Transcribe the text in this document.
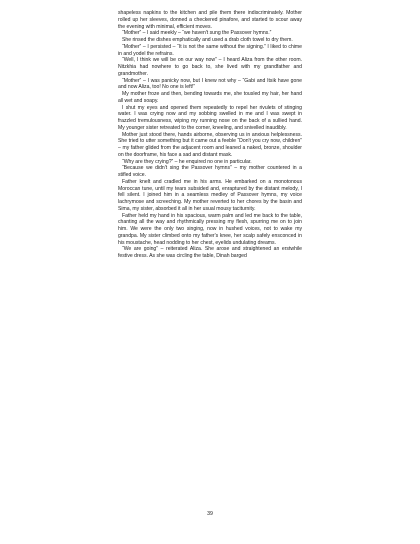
shapeless napkins to the kitchen and pile them there indiscriminately. Mother rolled up her sleeves, donned a checkered pinafore, and started to scour away the evening with minimal, efficient moves.

“Mother” – I said meekly – “we haven't sung the Passover hymns.”

She rinsed the dishes emphatically and used a drab cloth towel to dry them.

“Mother” – I persisted – “It is not the same without the signing.” I liked to chime in and yodel the refrains.

“Well, I think we will be on our way now” – I heard Aliza from the other room. Nitzkhia had nowhere to go back to, she lived with my grandfather and grandmother.

“Mother” – I was panicky now, but I knew not why – “Gabi and Itsik have gone and now Aliza, too! No one is left!”

My mother froze and then, bending towards me, she tousled my hair, her hand all wet and soapy.

I shut my eyes and opened them repeatedly to repel her rivulets of stinging water. I was crying now and my sobbing swelled in me and I was swept in frazzled tremulousness, wiping my running nose on the back of a sullied hand. My younger sister retreated to the corner, kneeling, and snivelled inaudibly.

Mother just stood there, hands airborne, observing us in anxious helplessness. She tried to utter something but it came out a feeble “Don't you cry now, children” – my father glided from the adjacent room and leaned a naked, bronze, shoulder on the doorframe, his face a sad and distant mask.

“Why are they crying?” – he enquired no one in particular.

“Because we didn't sing the Passover hymns” – my mother countered in a stifled voice.

Father knelt and cradled me in his arms. He embarked on a monotonous Moroccan tune, until my tears subsided and, enraptured by the distant melody, I fell silent. I joined him in a seamless medley of Passover hymns, my voice lachrymose and screeching. My mother reverted to her chores by the basin and Sima, my sister, absorbed it all in her usual mousy taciturnity.

Father held my hand in his spacious, warm palm and led me back to the table, chanting all the way and rhythmically pressing my flesh, spurring me on to join him. We were the only two singing, now in hushed voices, not to wake my grandpa. My sister climbed onto my father's knee, her scalp safely ensconced in his moustache, head nodding to her chest, eyelids undulating dreams.

“We are going” – reiterated Aliza. She arose and straightened an erstwhile festive dress. As she was circling the table, Dinah barged

39
